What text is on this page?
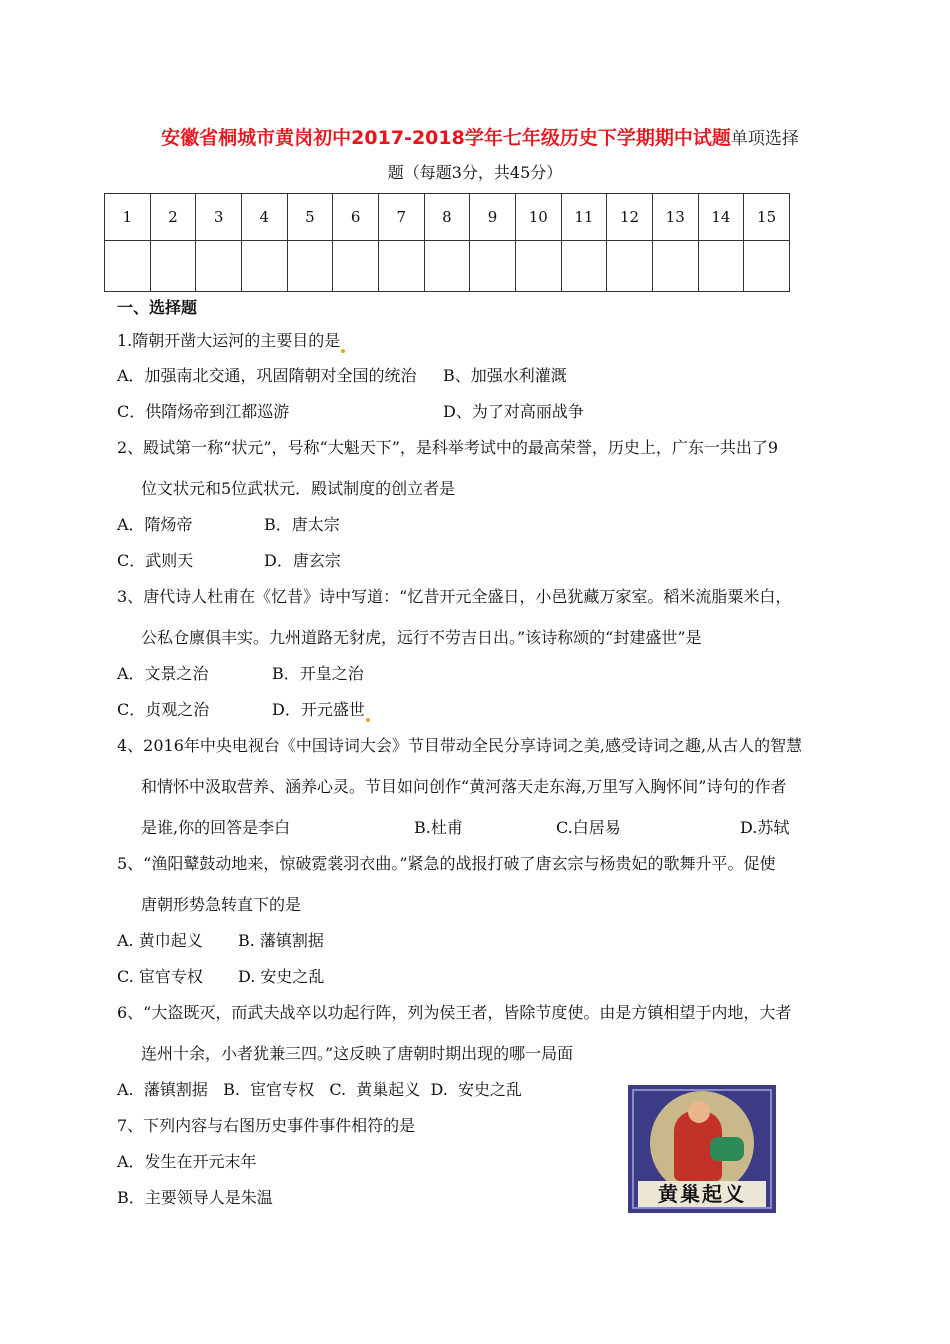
安徽省桐城市黄岗初中2017-2018学年七年级历史下学期期中试题单项选择
题（每题3分，共45分）
1	2	3	4	5	6	7	8	9	10	11	12	13	14	15

一、选择题
1.隋朝开凿大运河的主要目的是
A．加强南北交通，巩固隋朝对全国的统治 B、加强水利灌溉
C．供隋炀帝到江都巡游	D、为了对高丽战争
2、殿试第一称“状元”，号称“大魁天下”，是科举考试中的最高荣誉，历史上，广东一共出了9
位文状元和5位武状元．殿试制度的创立者是
A．隋炀帝	B．唐太宗
C．武则天	D．唐玄宗
3、唐代诗人杜甫在《忆昔》诗中写道：“忆昔开元全盛日，小邑犹藏万家室。稻米流脂粟米白，
公私仓廪俱丰实。九州道路无豺虎，远行不劳吉日出。”该诗称颂的“封建盛世”是
A．文景之治	B．开皇之治
C．贞观之治	D．开元盛世
4、2016年中央电视台《中国诗词大会》节目带动全民分享诗词之美,感受诗词之趣,从古人的智慧
和情怀中汲取营养、涵养心灵。节目如问创作“黄河落天走东海,万里写入胸怀间”诗句的作者
是谁,你的回答是李白	B.杜甫	C.白居易	D.苏轼
5、“渔阳鼙鼓动地来，惊破霓裳羽衣曲。”紧急的战报打破了唐玄宗与杨贵妃的歌舞升平。促使
唐朝形势急转直下的是
A. 黄巾起义 B. 藩镇割据
C. 宦官专权 D. 安史之乱
6、“大盗既灭，而武夫战卒以功起行阵，列为侯王者，皆除节度使。由是方镇相望于内地，大者
连州十余，小者犹兼三四。”这反映了唐朝时期出现的哪一局面
A.  藩镇割据   B.  宦官专权   C.  黄巢起义  D.  安史之乱
7、下列内容与右图历史事件事件相符的是
A．发生在开元末年
B．主要领导人是朱温	黄巢起义
